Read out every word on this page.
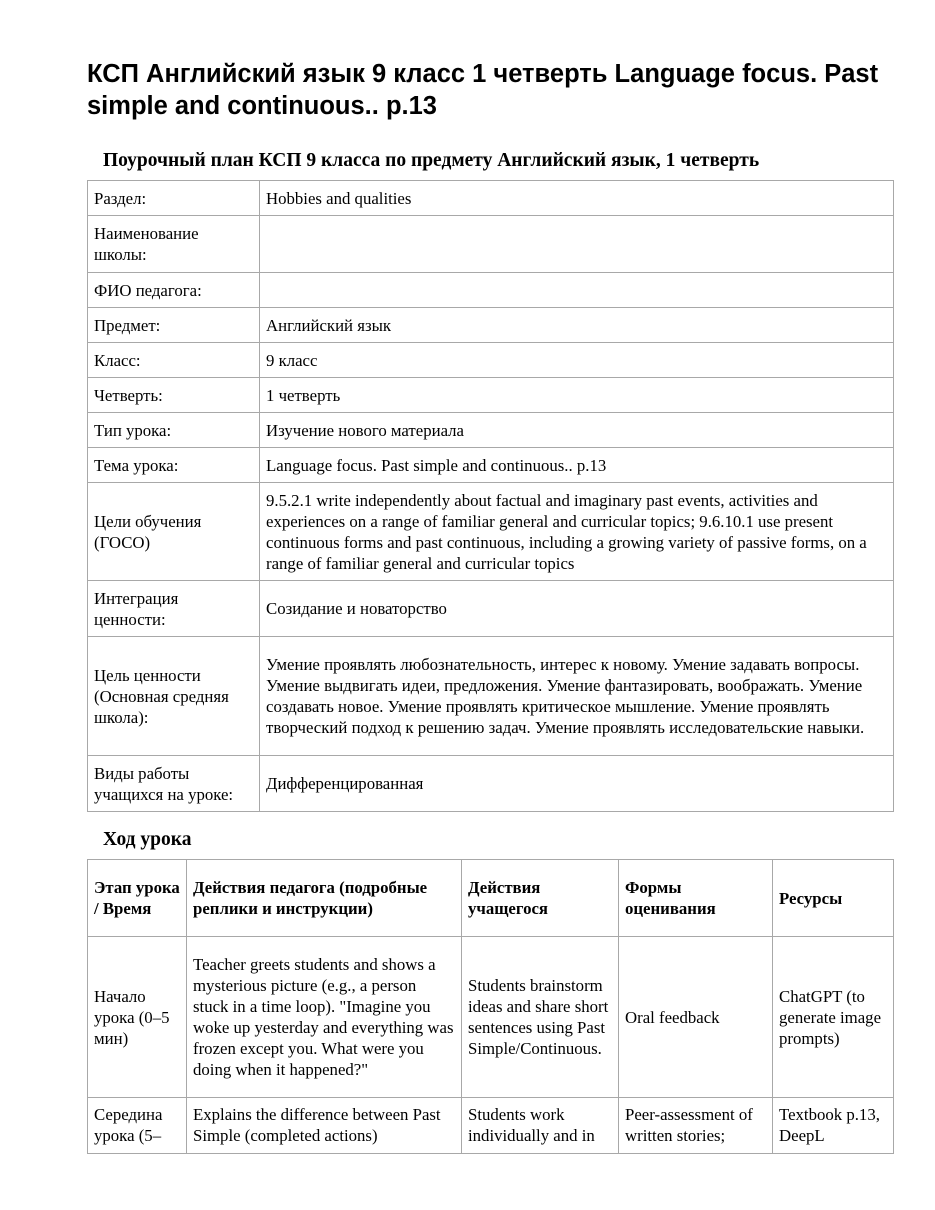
КСП Английский язык 9 класс 1 четверть Language focus. Past simple and continuous.. p.13
Поурочный план КСП 9 класса по предмету Английский язык, 1 четверть
Раздел:	Hobbies and qualities
Наименование школы:	
ФИО педагога:	
Предмет:	Английский язык
Класс:	9 класс
Четверть:	1 четверть
Тип урока:	Изучение нового материала
Тема урока:	Language focus. Past simple and continuous.. p.13
Цели обучения (ГОСО)	9.5.2.1 write independently about factual and imaginary past events, activities and experiences on a range of familiar general and curricular topics; 9.6.10.1 use present continuous forms and past continuous, including a growing variety of passive forms, on a range of familiar general and curricular topics
Интеграция ценности:	Созидание и новаторство
Цель ценности (Основная средняя школа):	Умение проявлять любознательность, интерес к новому. Умение задавать вопросы. Умение выдвигать идеи, предложения. Умение фантазировать, воображать. Умение создавать новое. Умение проявлять критическое мышление. Умение проявлять творческий подход к решению задач. Умение проявлять исследовательские навыки.
Виды работы учащихся на уроке:	Дифференцированная
Ход урока
Этап урока / Время	Действия педагога (подробные реплики и инструкции)	Действия учащегося	Формы оценивания	Ресурсы
Начало урока (0–5 мин)	Teacher greets students and shows a mysterious picture (e.g., a person stuck in a time loop). "Imagine you woke up yesterday and everything was frozen except you. What were you doing when it happened?"	Students brainstorm ideas and share short sentences using Past Simple/Continuous.	Oral feedback	ChatGPT (to generate image prompts)
Середина урока (5–	Explains the difference between Past Simple (completed actions)	Students work individually and in	Peer-assessment of written stories;	Textbook p.13, DeepL
